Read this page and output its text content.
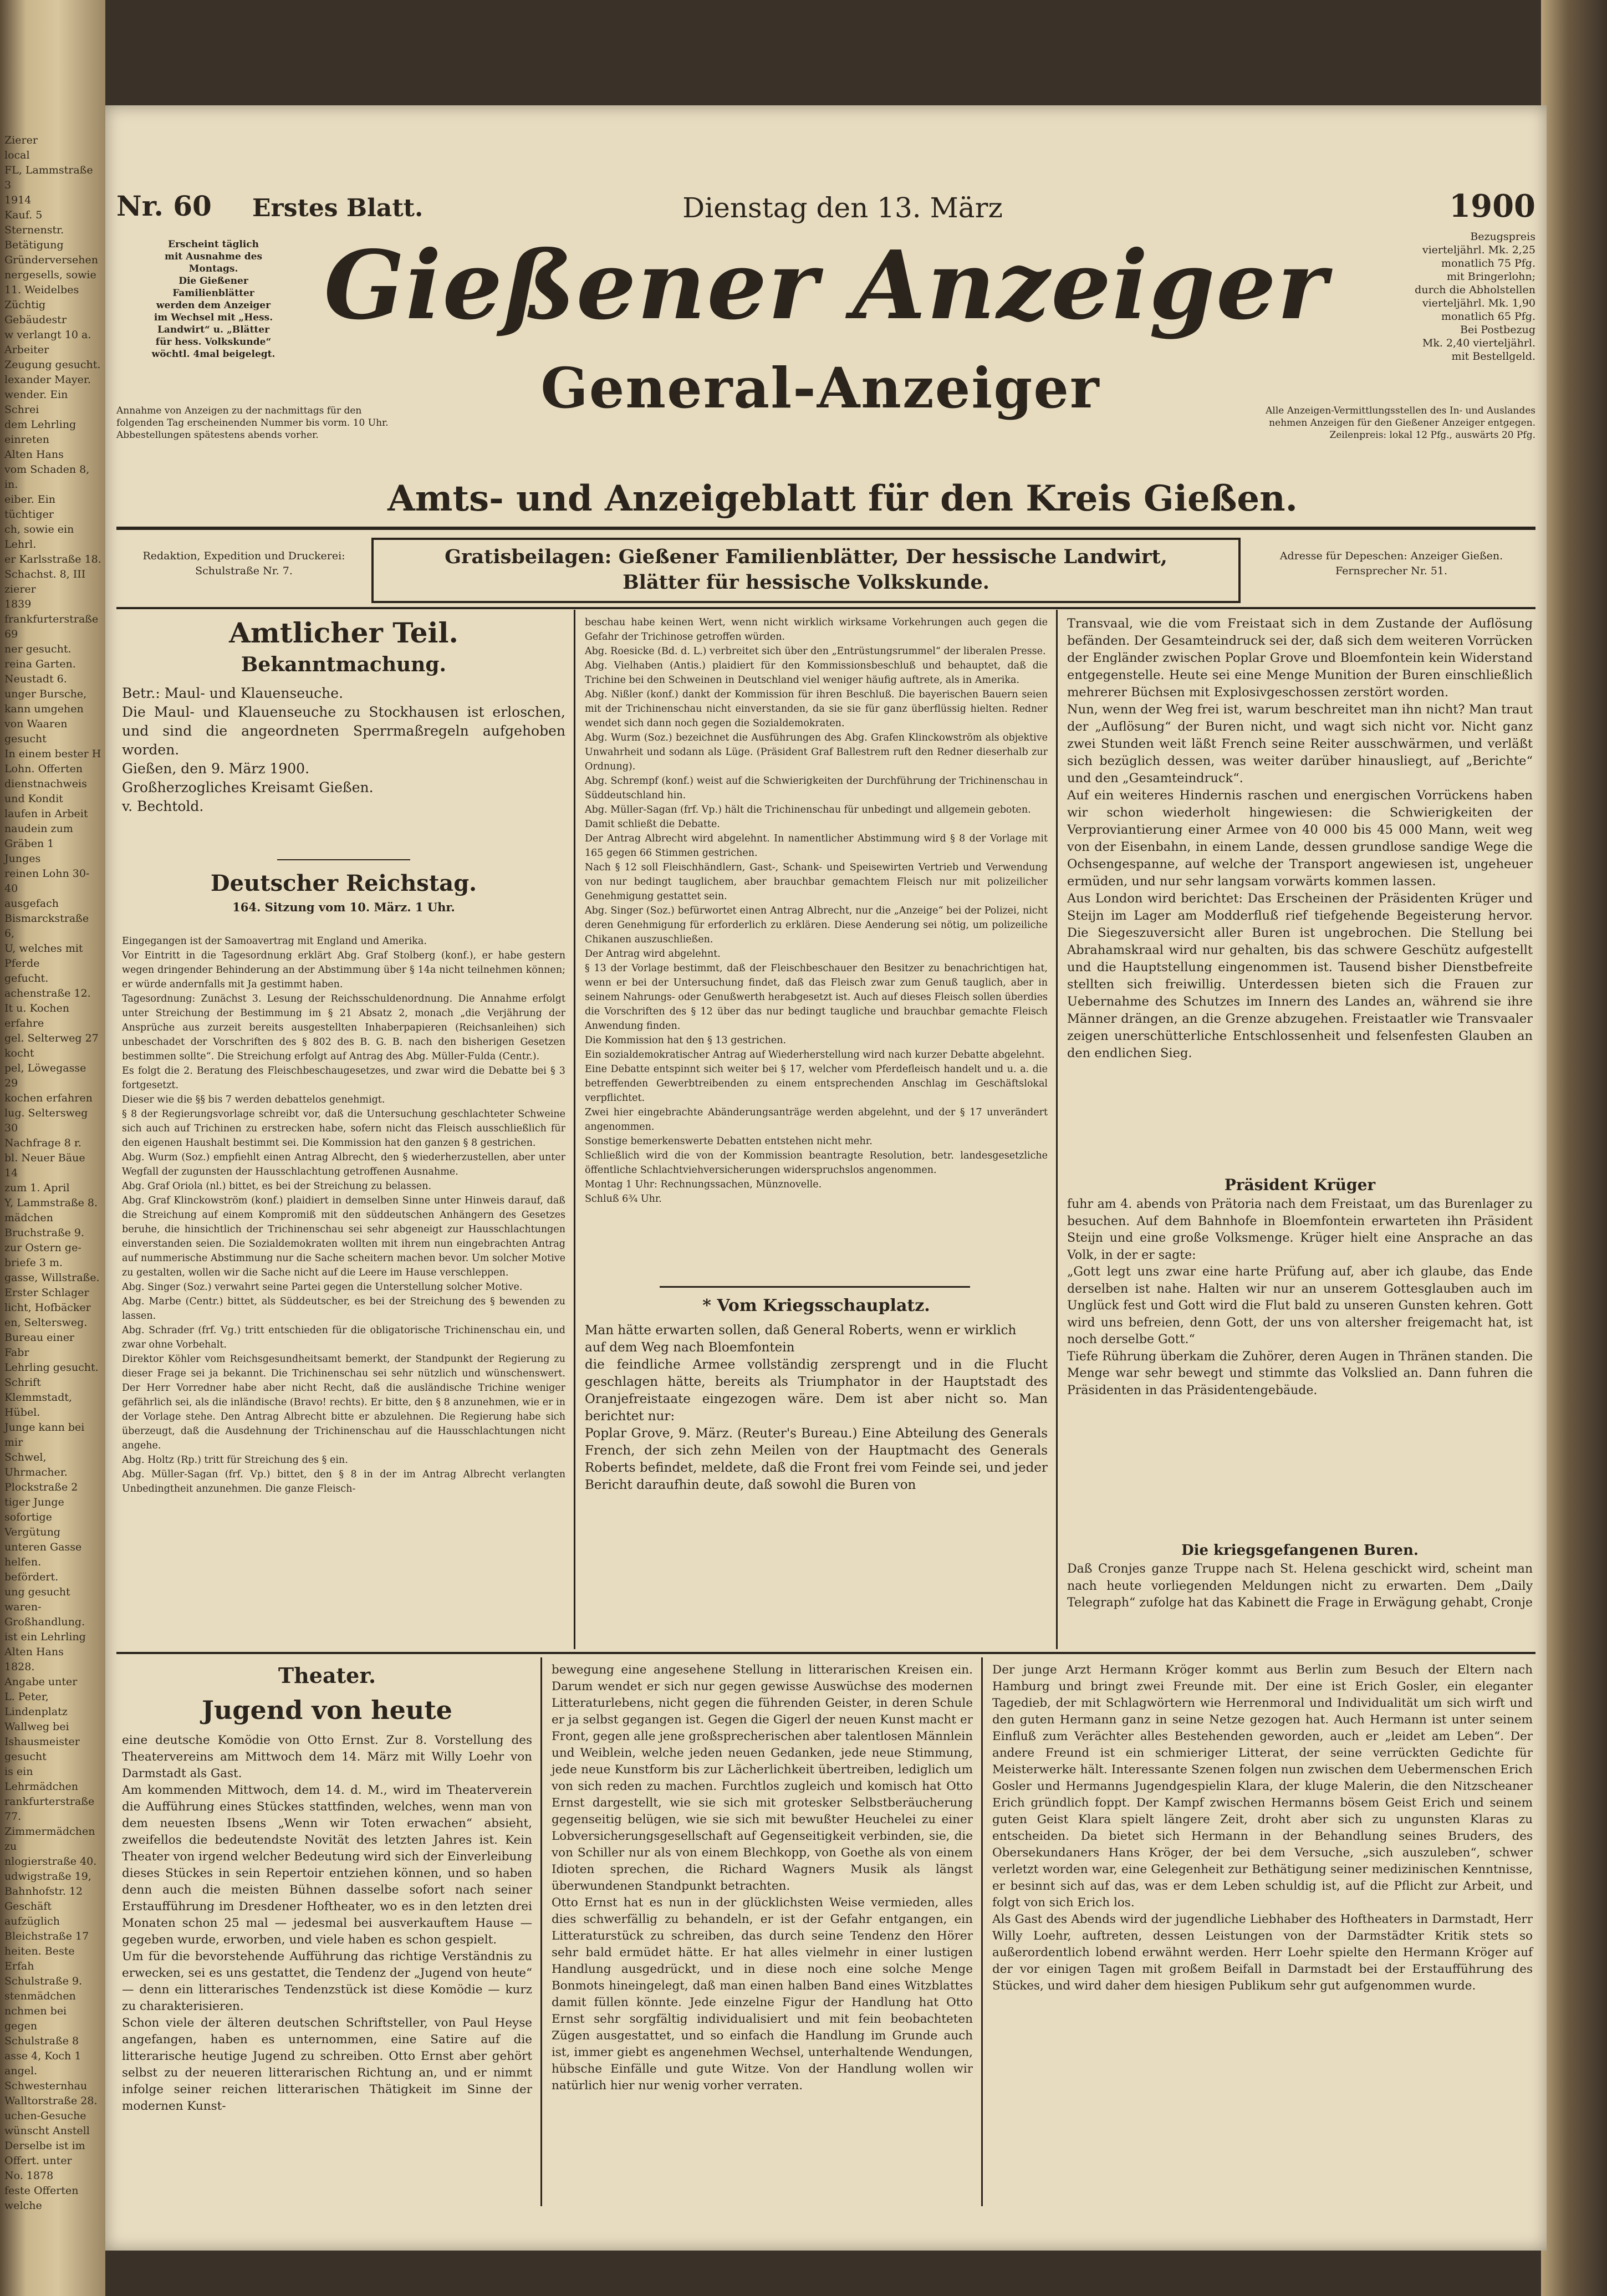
Zierer
local
FL, Lammstraße 3
1914
Kauf. 5 Sternenstr.
Betätigung
Gründerversehen
nergesells, sowie
11. Weidelbes
Züchtig Gebäudestr
w verlangt 10 a.
Arbeiter
Zeugung gesucht.
lexander Mayer.
wender. Ein Schrei
dem Lehrling einreten
Alten Hans
vom Schaden 8, in.
eiber. Ein tüchtiger
ch, sowie ein Lehrl.
er Karlsstraße 18.
Schachst. 8, III
zierer
1839
frankfurterstraße 69
ner gesucht.
reina Garten.
Neustadt 6.
unger Bursche,
kann umgehen
von Waaren gesucht
In einem bester H
Lohn. Offerten
dienstnachweis und Kondit
laufen in Arbeit
naudein zum Gräben 1
Junges
reinen Lohn 30-40
ausgefach
Bismarckstraße 6,
U, welches mit Pferde
gefucht.
achenstraße 12.
It u. Kochen erfahre
gel. Selterweg 27
kocht
pel, Löwegasse 29
kochen erfahren
lug. Seltersweg 30
Nachfrage 8 r.
bl. Neuer Bäue 14
zum 1. April
Y, Lammstraße 8.
mädchen
Bruchstraße 9.
zur Ostern ge-
briefe 3 m.
gasse, Willstraße.
Erster Schlager
licht, Hofbäcker
en, Seltersweg.
Bureau einer Fabr
Lehrling gesucht.
Schrift
Klemmstadt, Hübel.
Junge kann bei mir
Schwel, Uhrmacher.
Plockstraße 2
tiger Junge
sofortige Vergütung
unteren Gasse
helfen.
befördert.
ung gesucht
waren-Großhandlung.
ist ein Lehrling
Alten Hans
1828.
Angabe unter
L. Peter, Lindenplatz
Wallweg bei
Ishausmeister gesucht
is ein Lehrmädchen
rankfurterstraße 77.
Zimmermädchen zu
nlogierstraße 40.
udwigstraße 19,
Bahnhofstr. 12
Geschäft aufzüglich
Bleichstraße 17
heiten. Beste Erfah
Schulstraße 9.
stenmädchen
nchmen bei gegen
Schulstraße 8
asse 4, Koch 1
angel. Schwesternhau
Walltorstraße 28.
uchen-Gesuche
wünscht Anstell
Derselbe ist im
Offert. unter
No. 1878
feste Offerten
welche
Nr. 60	Erstes Blatt.	Dienstag den 13. März	1900
Erscheint täglich
mit Ausnahme des
Montags.
Die Gießener
Familienblätter
werden dem Anzeiger
im Wechsel mit „Hess.
Landwirt“ u. „Blätter
für hess. Volkskunde“
wöchtl. 4mal beigelegt.
Gießener Anzeiger	Bezugspreis
vierteljährl. Mk. 2,25
monatlich 75 Pfg.
mit Bringerlohn;
durch die Abholstellen
vierteljährl. Mk. 1,90
monatlich 65 Pfg.
Bei Postbezug
Mk. 2,40 vierteljährl.
mit Bestellgeld.
Annahme von Anzeigen zu der nachmittags für den
folgenden Tag erscheinenden Nummer bis vorm. 10 Uhr.
Abbestellungen spätestens abends vorher.
General-Anzeiger	Alle Anzeigen-Vermittlungsstellen des In- und Auslandes
nehmen Anzeigen für den Gießener Anzeiger entgegen.
Zeilenpreis: lokal 12 Pfg., auswärts 20 Pfg.
Amts- und Anzeigeblatt für den Kreis Gießen.
Redaktion, Expedition und Druckerei:
Schulstraße Nr. 7.
Gratisbeilagen: Gießener Familienblätter, Der hessische Landwirt,
Blätter für hessische Volkskunde.
Adresse für Depeschen: Anzeiger Gießen.
Fernsprecher Nr. 51.
Amtlicher Teil.
Bekanntmachung.
Betr.: Maul- und Klauenseuche.
Die Maul- und Klauenseuche zu Stockhausen ist erloschen, und sind die angeordneten Sperrmaßregeln aufgehoben worden.
Gießen, den 9. März 1900.
Großherzogliches Kreisamt Gießen.
v. Bechtold.
Deutscher Reichstag.
164. Sitzung vom 10. März. 1 Uhr.
Eingegangen ist der Samoavertrag mit England und Amerika.
Vor Eintritt in die Tagesordnung erklärt Abg. Graf Stolberg (konf.), er habe gestern wegen dringender Behinderung an der Abstimmung über § 14a nicht teilnehmen können; er würde andernfalls mit Ja gestimmt haben.
Tagesordnung: Zunächst 3. Lesung der Reichsschuldenordnung. Die Annahme erfolgt unter Streichung der Bestimmung im § 21 Absatz 2, monach „die Verjährung der Ansprüche aus zurzeit bereits ausgestellten Inhaberpapieren (Reichsanleihen) sich unbeschadet der Vorschriften des § 802 des B. G. B. nach den bisherigen Gesetzen bestimmen sollte“. Die Streichung erfolgt auf Antrag des Abg. Müller-Fulda (Centr.).
Es folgt die 2. Beratung des Fleischbeschaugesetzes, und zwar wird die Debatte bei § 3 fortgesetzt.
Dieser wie die §§ bis 7 werden debattelos genehmigt.
§ 8 der Regierungsvorlage schreibt vor, daß die Untersuchung geschlachteter Schweine sich auch auf Trichinen zu erstrecken habe, sofern nicht das Fleisch ausschließlich für den eigenen Haushalt bestimmt sei. Die Kommission hat den ganzen § 8 gestrichen.
Abg. Wurm (Soz.) empfiehlt einen Antrag Albrecht, den § wiederherzustellen, aber unter Wegfall der zugunsten der Hausschlachtung getroffenen Ausnahme.
Abg. Graf Oriola (nl.) bittet, es bei der Streichung zu belassen.
Abg. Graf Klinckowström (konf.) plaidiert in demselben Sinne unter Hinweis darauf, daß die Streichung auf einem Kompromiß mit den süddeutschen Anhängern des Gesetzes beruhe, die hinsichtlich der Trichinenschau sei sehr abgeneigt zur Hausschlachtungen einverstanden seien. Die Sozialdemokraten wollten mit ihrem nun eingebrachten Antrag auf nummerische Abstimmung nur die Sache scheitern machen bevor. Um solcher Motive zu gestalten, wollen wir die Sache nicht auf die Leere im Hause verschleppen.
Abg. Singer (Soz.) verwahrt seine Partei gegen die Unterstellung solcher Motive.
Abg. Marbe (Centr.) bittet, als Süddeutscher, es bei der Streichung des § bewenden zu lassen.
Abg. Schrader (frf. Vg.) tritt entschieden für die obligatorische Trichinenschau ein, und zwar ohne Vorbehalt.
Direktor Köhler vom Reichsgesundheitsamt bemerkt, der Standpunkt der Regierung zu dieser Frage sei ja bekannt. Die Trichinenschau sei sehr nützlich und wünschenswert. Der Herr Vorredner habe aber nicht Recht, daß die ausländische Trichine weniger gefährlich sei, als die inländische (Bravo! rechts). Er bitte, den § 8 anzunehmen, wie er in der Vorlage stehe. Den Antrag Albrecht bitte er abzulehnen. Die Regierung habe sich überzeugt, daß die Ausdehnung der Trichinenschau auf die Hausschlachtungen nicht angehe.
Abg. Holtz (Rp.) tritt für Streichung des § ein.
Abg. Müller-Sagan (frf. Vp.) bittet, den § 8 in der im Antrag Albrecht verlangten Unbedingtheit anzunehmen. Die ganze Fleisch-
beschau habe keinen Wert, wenn nicht wirklich wirksame Vorkehrungen auch gegen die Gefahr der Trichinose getroffen würden.
Abg. Roesicke (Bd. d. L.) verbreitet sich über den „Entrüstungsrummel“ der liberalen Presse.
Abg. Vielhaben (Antis.) plaidiert für den Kommissionsbeschluß und behauptet, daß die Trichine bei den Schweinen in Deutschland viel weniger häufig auftrete, als in Amerika.
Abg. Nißler (konf.) dankt der Kommission für ihren Beschluß. Die bayerischen Bauern seien mit der Trichinenschau nicht einverstanden, da sie sie für ganz überflüssig hielten. Redner wendet sich dann noch gegen die Sozialdemokraten.
Abg. Wurm (Soz.) bezeichnet die Ausführungen des Abg. Grafen Klinckowström als objektive Unwahrheit und sodann als Lüge. (Präsident Graf Ballestrem ruft den Redner dieserhalb zur Ordnung).
Abg. Schrempf (konf.) weist auf die Schwierigkeiten der Durchführung der Trichinenschau in Süddeutschland hin.
Abg. Müller-Sagan (frf. Vp.) hält die Trichinenschau für unbedingt und allgemein geboten.
Damit schließt die Debatte.
Der Antrag Albrecht wird abgelehnt. In namentlicher Abstimmung wird § 8 der Vorlage mit 165 gegen 66 Stimmen gestrichen.
Nach § 12 soll Fleischhändlern, Gast-, Schank- und Speisewirten Vertrieb und Verwendung von nur bedingt tauglichem, aber brauchbar gemachtem Fleisch nur mit polizeilicher Genehmigung gestattet sein.
Abg. Singer (Soz.) befürwortet einen Antrag Albrecht, nur die „Anzeige“ bei der Polizei, nicht deren Genehmigung für erforderlich zu erklären. Diese Aenderung sei nötig, um polizeiliche Chikanen auszuschließen.
Der Antrag wird abgelehnt.
§ 13 der Vorlage bestimmt, daß der Fleischbeschauer den Besitzer zu benachrichtigen hat, wenn er bei der Untersuchung findet, daß das Fleisch zwar zum Genuß tauglich, aber in seinem Nahrungs- oder Genußwerth herabgesetzt ist. Auch auf dieses Fleisch sollen überdies die Vorschriften des § 12 über das nur bedingt taugliche und brauchbar gemachte Fleisch Anwendung finden.
Die Kommission hat den § 13 gestrichen.
Ein sozialdemokratischer Antrag auf Wiederherstellung wird nach kurzer Debatte abgelehnt.
Eine Debatte entspinnt sich weiter bei § 17, welcher vom Pferdefleisch handelt und u. a. die betreffenden Gewerbtreibenden zu einem entsprechenden Anschlag im Geschäftslokal verpflichtet.
Zwei hier eingebrachte Abänderungsanträge werden abgelehnt, und der § 17 unverändert angenommen.
Sonstige bemerkenswerte Debatten entstehen nicht mehr.
Schließlich wird die von der Kommission beantragte Resolution, betr. landesgesetzliche öffentliche Schlachtviehversicherungen widerspruchslos angenommen.
Montag 1 Uhr: Rechnungssachen, Münznovelle.
Schluß 6¾ Uhr.
* Vom Kriegsschauplatz.
Man hätte erwarten sollen, daß General Roberts, wenn er wirklich
auf dem Weg nach Bloemfontein
die feindliche Armee vollständig zersprengt und in die Flucht geschlagen hätte, bereits als Triumphator in der Hauptstadt des Oranjefreistaate eingezogen wäre. Dem ist aber nicht so. Man berichtet nur:
Poplar Grove, 9. März. (Reuter's Bureau.) Eine Abteilung des Generals French, der sich zehn Meilen von der Hauptmacht des Generals Roberts befindet, meldete, daß die Front frei vom Feinde sei, und jeder Bericht daraufhin deute, daß sowohl die Buren von
Transvaal, wie die vom Freistaat sich in dem Zustande der Auflösung befänden. Der Gesamteindruck sei der, daß sich dem weiteren Vorrücken der Engländer zwischen Poplar Grove und Bloemfontein kein Widerstand entgegenstelle. Heute sei eine Menge Munition der Buren einschließlich mehrerer Büchsen mit Explosivgeschossen zerstört worden.
Nun, wenn der Weg frei ist, warum beschreitet man ihn nicht? Man traut der „Auflösung“ der Buren nicht, und wagt sich nicht vor. Nicht ganz zwei Stunden weit läßt French seine Reiter ausschwärmen, und verläßt sich bezüglich dessen, was weiter darüber hinausliegt, auf „Berichte“ und den „Gesamteindruck“.
Auf ein weiteres Hindernis raschen und energischen Vorrückens haben wir schon wiederholt hingewiesen: die Schwierigkeiten der Verproviantierung einer Armee von 40 000 bis 45 000 Mann, weit weg von der Eisenbahn, in einem Lande, dessen grundlose sandige Wege die Ochsengespanne, auf welche der Transport angewiesen ist, ungeheuer ermüden, und nur sehr langsam vorwärts kommen lassen.
Aus London wird berichtet: Das Erscheinen der Präsidenten Krüger und Steijn im Lager am Modderfluß rief tiefgehende Begeisterung hervor. Die Siegeszuversicht aller Buren ist ungebrochen. Die Stellung bei Abrahamskraal wird nur gehalten, bis das schwere Geschütz aufgestellt und die Hauptstellung eingenommen ist. Tausend bisher Dienstbefreite stellten sich freiwillig. Unterdessen bieten sich die Frauen zur Uebernahme des Schutzes im Innern des Landes an, während sie ihre Männer drängen, an die Grenze abzugehen. Freistaatler wie Transvaaler zeigen unerschütterliche Entschlossenheit und felsenfesten Glauben an den endlichen Sieg.
Präsident Krüger
fuhr am 4. abends von Prätoria nach dem Freistaat, um das Burenlager zu besuchen. Auf dem Bahnhofe in Bloemfontein erwarteten ihn Präsident Steijn und eine große Volksmenge. Krüger hielt eine Ansprache an das Volk, in der er sagte:
„Gott legt uns zwar eine harte Prüfung auf, aber ich glaube, das Ende derselben ist nahe. Halten wir nur an unserem Gottesglauben auch im Unglück fest und Gott wird die Flut bald zu unseren Gunsten kehren. Gott wird uns befreien, denn Gott, der uns von altersher freigemacht hat, ist noch derselbe Gott.“
Tiefe Rührung überkam die Zuhörer, deren Augen in Thränen standen. Die Menge war sehr bewegt und stimmte das Volkslied an. Dann fuhren die Präsidenten in das Präsidentengebäude.
Die kriegsgefangenen Buren.
Daß Cronjes ganze Truppe nach St. Helena geschickt wird, scheint man nach heute vorliegenden Meldungen nicht zu erwarten. Dem „Daily Telegraph“ zufolge hat das Kabinett die Frage in Erwägung gehabt, Cronje
Theater.
Jugend von heute
eine deutsche Komödie von Otto Ernst. Zur 8. Vorstellung des Theatervereins am Mittwoch dem 14. März mit Willy Loehr von Darmstadt als Gast.
Am kommenden Mittwoch, dem 14. d. M., wird im Theaterverein die Aufführung eines Stückes stattfinden, welches, wenn man von dem neuesten Ibsens „Wenn wir Toten erwachen“ absieht, zweifellos die bedeutendste Novität des letzten Jahres ist. Kein Theater von irgend welcher Bedeutung wird sich der Einverleibung dieses Stückes in sein Repertoir entziehen können, und so haben denn auch die meisten Bühnen dasselbe sofort nach seiner Erstaufführung im Dresdener Hoftheater, wo es in den letzten drei Monaten schon 25 mal — jedesmal bei ausverkauftem Hause — gegeben wurde, erworben, und viele haben es schon gespielt.
Um für die bevorstehende Aufführung das richtige Verständnis zu erwecken, sei es uns gestattet, die Tendenz der „Jugend von heute“ — denn ein litterarisches Tendenzstück ist diese Komödie — kurz zu charakterisieren.
Schon viele der älteren deutschen Schriftsteller, von Paul Heyse angefangen, haben es unternommen, eine Satire auf die litterarische heutige Jugend zu schreiben. Otto Ernst aber gehört selbst zu der neueren litterarischen Richtung an, und er nimmt infolge seiner reichen litterarischen Thätigkeit im Sinne der modernen Kunst-
bewegung eine angesehene Stellung in litterarischen Kreisen ein. Darum wendet er sich nur gegen gewisse Auswüchse des modernen Litteraturlebens, nicht gegen die führenden Geister, in deren Schule er ja selbst gegangen ist. Gegen die Gigerl der neuen Kunst macht er Front, gegen alle jene großsprecherischen aber talentlosen Männlein und Weiblein, welche jeden neuen Gedanken, jede neue Stimmung, jede neue Kunstform bis zur Lächerlichkeit übertreiben, lediglich um von sich reden zu machen. Furchtlos zugleich und komisch hat Otto Ernst dargestellt, wie sie sich mit grotesker Selbstberäucherung gegenseitig belügen, wie sie sich mit bewußter Heuchelei zu einer Lobversicherungsgesellschaft auf Gegenseitigkeit verbinden, sie, die von Schiller nur als von einem Blechkopp, von Goethe als von einem Idioten sprechen, die Richard Wagners Musik als längst überwundenen Standpunkt betrachten.
Otto Ernst hat es nun in der glücklichsten Weise vermieden, alles dies schwerfällig zu behandeln, er ist der Gefahr entgangen, ein Litteraturstück zu schreiben, das durch seine Tendenz den Hörer sehr bald ermüdet hätte. Er hat alles vielmehr in einer lustigen Handlung ausgedrückt, und in diese noch eine solche Menge Bonmots hineingelegt, daß man einen halben Band eines Witzblattes damit füllen könnte. Jede einzelne Figur der Handlung hat Otto Ernst sehr sorgfältig individualisiert und mit fein beobachteten Zügen ausgestattet, und so einfach die Handlung im Grunde auch ist, immer giebt es angenehmen Wechsel, unterhaltende Wendungen, hübsche Einfälle und gute Witze. Von der Handlung wollen wir natürlich hier nur wenig vorher verraten.
Der junge Arzt Hermann Kröger kommt aus Berlin zum Besuch der Eltern nach Hamburg und bringt zwei Freunde mit. Der eine ist Erich Gosler, ein eleganter Tagedieb, der mit Schlagwörtern wie Herrenmoral und Individualität um sich wirft und den guten Hermann ganz in seine Netze gezogen hat. Auch Hermann ist unter seinem Einfluß zum Verächter alles Bestehenden geworden, auch er „leidet am Leben“. Der andere Freund ist ein schmieriger Litterat, der seine verrückten Gedichte für Meisterwerke hält. Interessante Szenen folgen nun zwischen dem Uebermenschen Erich Gosler und Hermanns Jugendgespielin Klara, der kluge Malerin, die den Nitzscheaner Erich gründlich foppt. Der Kampf zwischen Hermanns bösem Geist Erich und seinem guten Geist Klara spielt längere Zeit, droht aber sich zu ungunsten Klaras zu entscheiden. Da bietet sich Hermann in der Behandlung seines Bruders, des Obersekundaners Hans Kröger, der bei dem Versuche, „sich auszuleben“, schwer verletzt worden war, eine Gelegenheit zur Bethätigung seiner medizinischen Kenntnisse, er besinnt sich auf das, was er dem Leben schuldig ist, auf die Pflicht zur Arbeit, und folgt von sich Erich los.
Als Gast des Abends wird der jugendliche Liebhaber des Hoftheaters in Darmstadt, Herr Willy Loehr, auftreten, dessen Leistungen von der Darmstädter Kritik stets so außerordentlich lobend erwähnt werden. Herr Loehr spielte den Hermann Kröger auf der vor einigen Tagen mit großem Beifall in Darmstadt bei der Erstaufführung des Stückes, und wird daher dem hiesigen Publikum sehr gut aufgenommen wurde.
